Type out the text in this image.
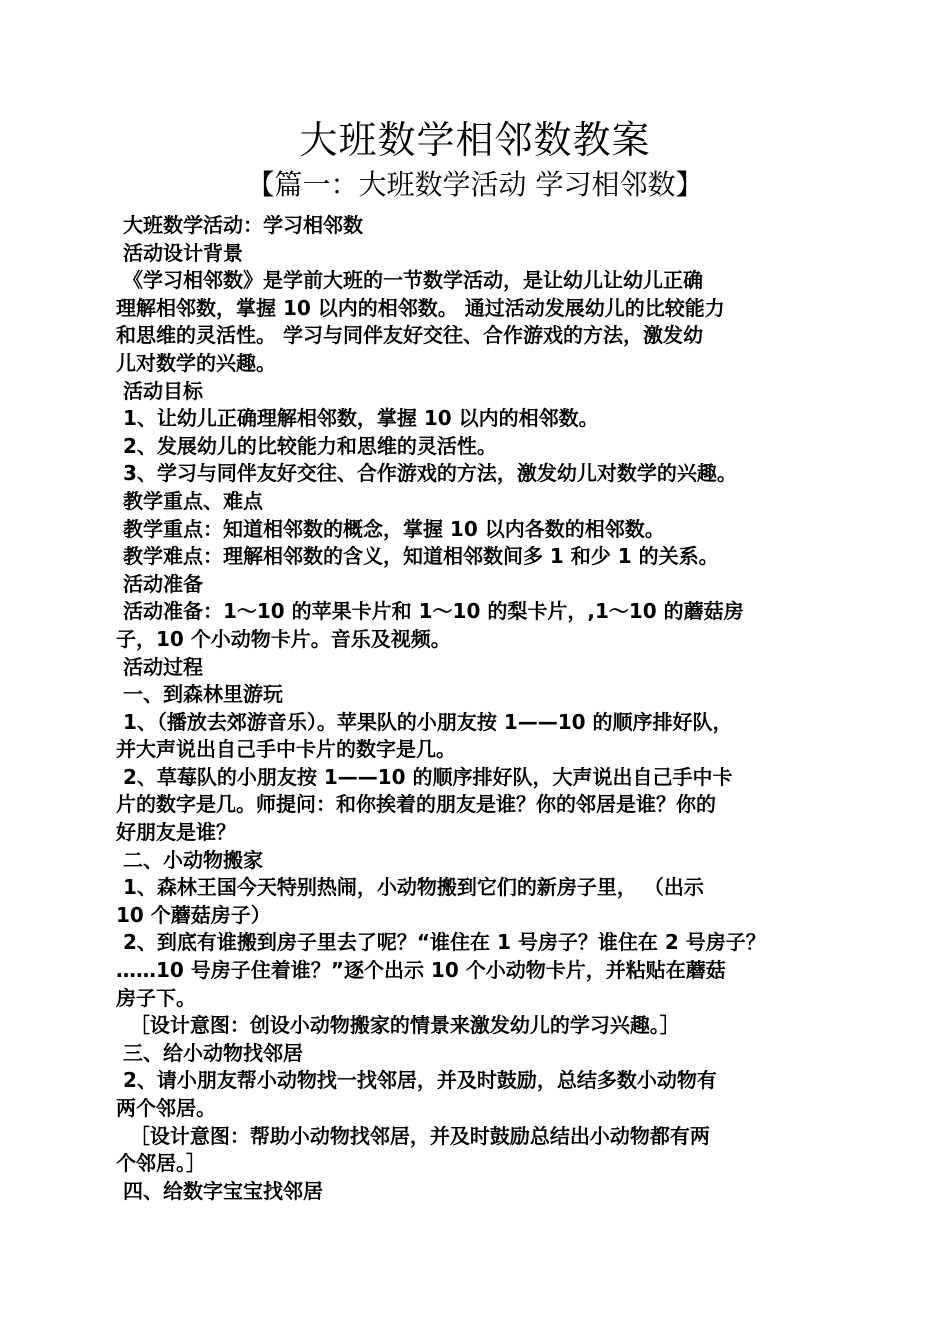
大班数学相邻数教案
【篇一：大班数学活动 学习相邻数】
大班数学活动：学习相邻数
活动设计背景
《学习相邻数》是学前大班的一节数学活动，是让幼儿让幼儿正确
理解相邻数，掌握 10 以内的相邻数。 通过活动发展幼儿的比较能力
和思维的灵活性。 学习与同伴友好交往、合作游戏的方法，激发幼
儿对数学的兴趣。
活动目标
1、让幼儿正确理解相邻数，掌握 10 以内的相邻数。
2、发展幼儿的比较能力和思维的灵活性。
3、学习与同伴友好交往、合作游戏的方法，激发幼儿对数学的兴趣。
教学重点、难点
教学重点：知道相邻数的概念，掌握 10 以内各数的相邻数。
教学难点：理解相邻数的含义，知道相邻数间多 1 和少 1 的关系。
活动准备
活动准备：1～10 的苹果卡片和 1～10 的梨卡片，,1～10 的蘑菇房
子，10 个小动物卡片。音乐及视频。
活动过程
一、到森林里游玩
1、（播放去郊游音乐）。苹果队的小朋友按 1——10 的顺序排好队，
并大声说出自己手中卡片的数字是几。
2、草莓队的小朋友按 1——10 的顺序排好队，大声说出自己手中卡
片的数字是几。师提问：和你挨着的朋友是谁？你的邻居是谁？你的
好朋友是谁？
二、小动物搬家
1、森林王国今天特别热闹，小动物搬到它们的新房子里， （出示
10 个蘑菇房子）
2、到底有谁搬到房子里去了呢？“谁住在 1 号房子？谁住在 2 号房子？
……10 号房子住着谁？”逐个出示 10 个小动物卡片，并粘贴在蘑菇
房子下。
［设计意图：创设小动物搬家的情景来激发幼儿的学习兴趣。］
三、给小动物找邻居
2、请小朋友帮小动物找一找邻居，并及时鼓励，总结多数小动物有
两个邻居。
［设计意图：帮助小动物找邻居，并及时鼓励总结出小动物都有两
个邻居。］
四、给数字宝宝找邻居
